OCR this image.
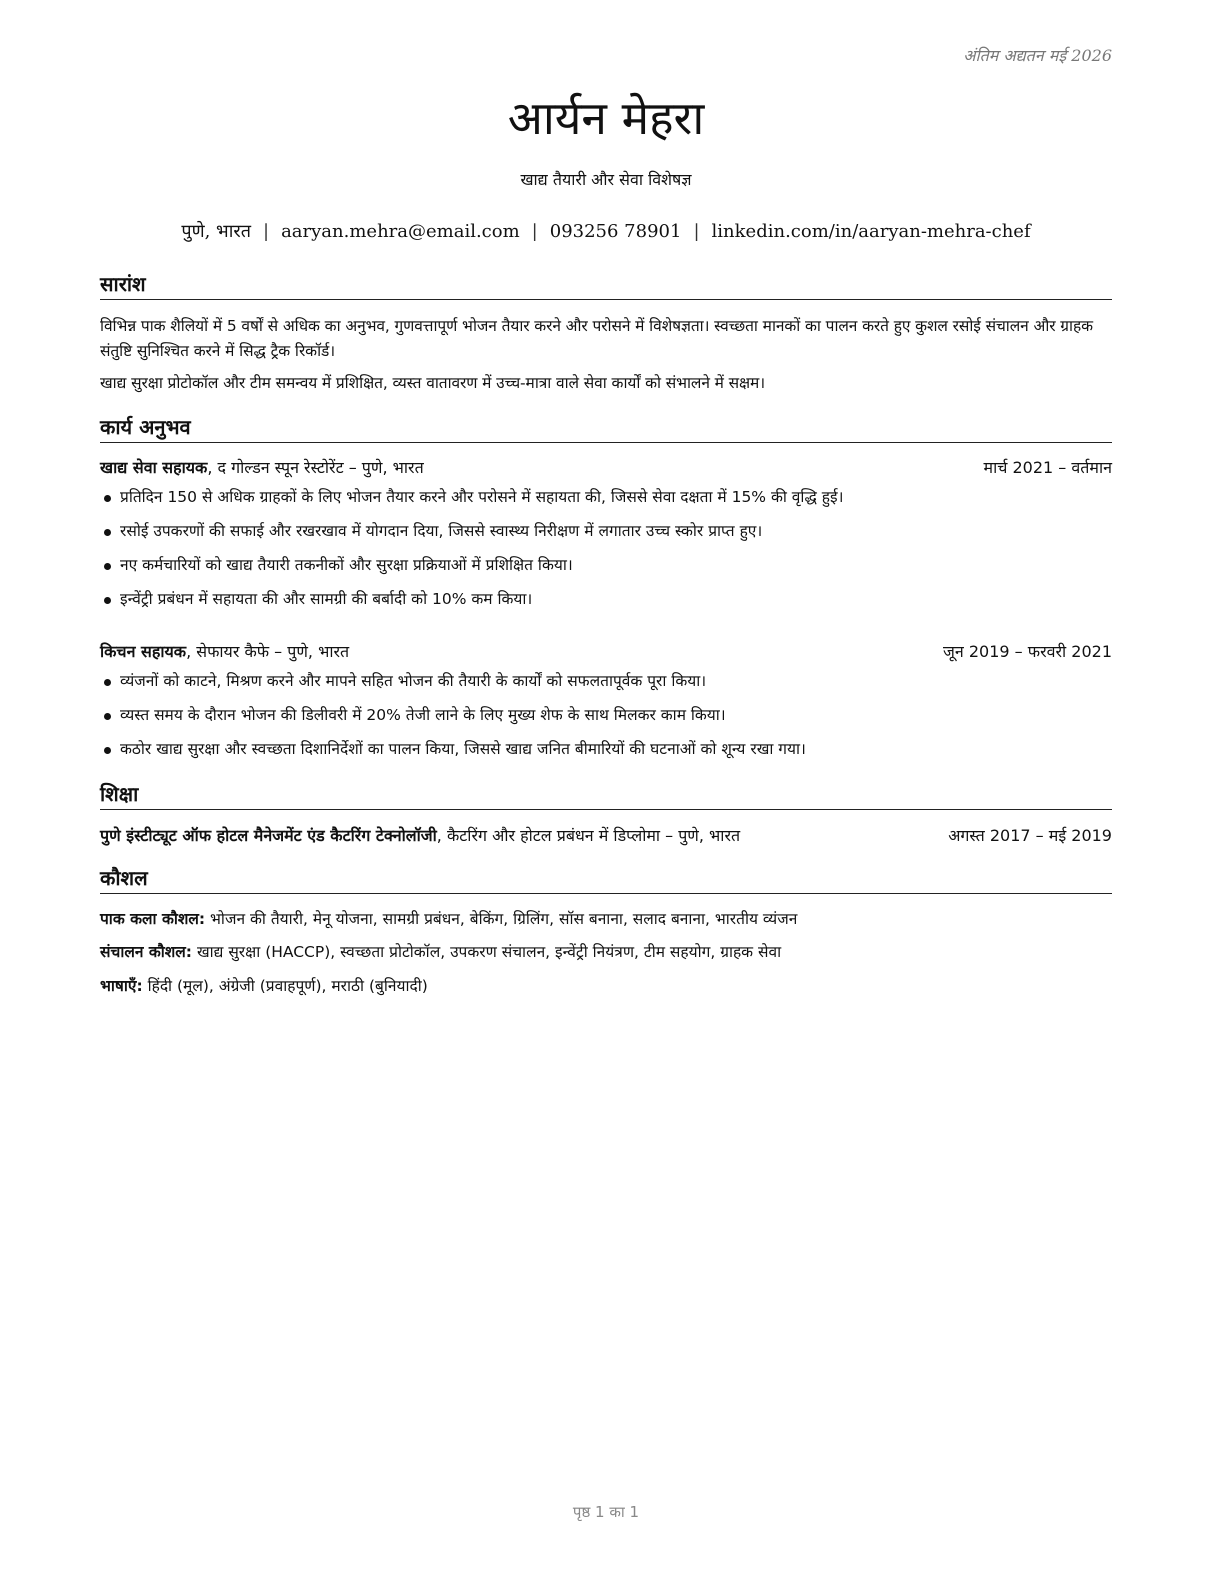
अंतिम अद्यतन मई 2026
आर्यन मेहरा
खाद्य तैयारी और सेवा विशेषज्ञ
पुणे, भारत | aaryan.mehra@email.com | 093256 78901 | linkedin.com/in/aaryan-mehra-chef
सारांश

विभिन्न पाक शैलियों में 5 वर्षों से अधिक का अनुभव, गुणवत्तापूर्ण भोजन तैयार करने और परोसने में विशेषज्ञता। स्वच्छता मानकों का पालन करते हुए कुशल रसोई संचालन और ग्राहक संतुष्टि सुनिश्चित करने में सिद्ध ट्रैक रिकॉर्ड।

खाद्य सुरक्षा प्रोटोकॉल और टीम समन्वय में प्रशिक्षित, व्यस्त वातावरण में उच्च-मात्रा वाले सेवा कार्यों को संभालने में सक्षम।

कार्य अनुभव
खाद्य सेवा सहायक, द गोल्डन स्पून रेस्टोरेंट – पुणे, भारत	मार्च 2021 – वर्तमान
प्रतिदिन 150 से अधिक ग्राहकों के लिए भोजन तैयार करने और परोसने में सहायता की, जिससे सेवा दक्षता में 15% की वृद्धि हुई।
रसोई उपकरणों की सफाई और रखरखाव में योगदान दिया, जिससे स्वास्थ्य निरीक्षण में लगातार उच्च स्कोर प्राप्त हुए।
नए कर्मचारियों को खाद्य तैयारी तकनीकों और सुरक्षा प्रक्रियाओं में प्रशिक्षित किया।
इन्वेंट्री प्रबंधन में सहायता की और सामग्री की बर्बादी को 10% कम किया।
किचन सहायक, सेफायर कैफे – पुणे, भारत	जून 2019 – फरवरी 2021
व्यंजनों को काटने, मिश्रण करने और मापने सहित भोजन की तैयारी के कार्यों को सफलतापूर्वक पूरा किया।
व्यस्त समय के दौरान भोजन की डिलीवरी में 20% तेजी लाने के लिए मुख्य शेफ के साथ मिलकर काम किया।
कठोर खाद्य सुरक्षा और स्वच्छता दिशानिर्देशों का पालन किया, जिससे खाद्य जनित बीमारियों की घटनाओं को शून्य रखा गया।
शिक्षा
पुणे इंस्टीट्यूट ऑफ होटल मैनेजमेंट एंड कैटरिंग टेक्नोलॉजी, कैटरिंग और होटल प्रबंधन में डिप्लोमा – पुणे, भारत	अगस्त 2017 – मई 2019
कौशल
पाक कला कौशल: भोजन की तैयारी, मेनू योजना, सामग्री प्रबंधन, बेकिंग, ग्रिलिंग, सॉस बनाना, सलाद बनाना, भारतीय व्यंजन
संचालन कौशल: खाद्य सुरक्षा (HACCP), स्वच्छता प्रोटोकॉल, उपकरण संचालन, इन्वेंट्री नियंत्रण, टीम सहयोग, ग्राहक सेवा
भाषाएँ: हिंदी (मूल), अंग्रेजी (प्रवाहपूर्ण), मराठी (बुनियादी)
पृष्ठ 1 का 1
